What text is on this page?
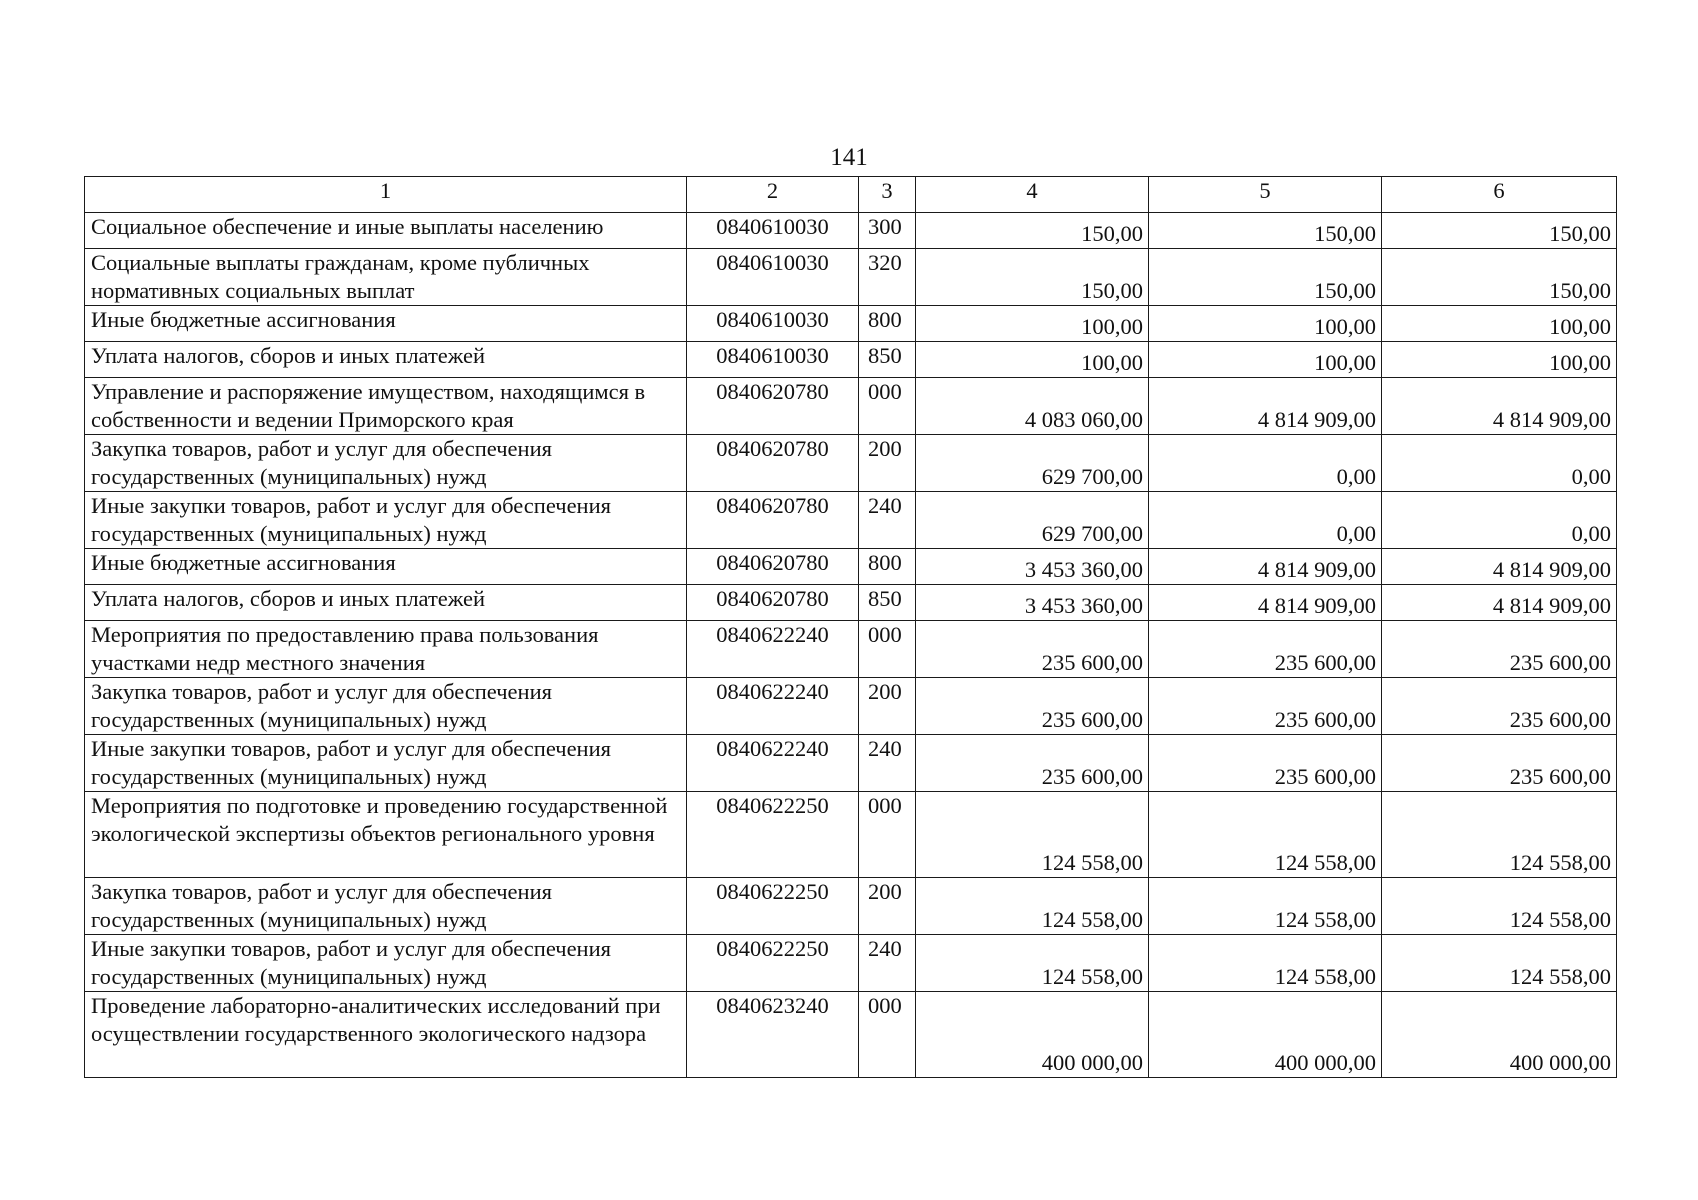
141
1	2	3	4	5	6
Социальное обеспечение и иные выплаты населению	0840610030	300	150,00	150,00	150,00
Социальные выплаты гражданам, кроме публичных нормативных социальных выплат	0840610030	320	150,00	150,00	150,00
Иные бюджетные ассигнования	0840610030	800	100,00	100,00	100,00
Уплата налогов, сборов и иных платежей	0840610030	850	100,00	100,00	100,00
Управление и распоряжение имуществом, находящимся в собственности и ведении Приморского края	0840620780	000	4 083 060,00	4 814 909,00	4 814 909,00
Закупка товаров, работ и услуг для обеспечения государственных (муниципальных) нужд	0840620780	200	629 700,00	0,00	0,00
Иные закупки товаров, работ и услуг для обеспечения государственных (муниципальных) нужд	0840620780	240	629 700,00	0,00	0,00
Иные бюджетные ассигнования	0840620780	800	3 453 360,00	4 814 909,00	4 814 909,00
Уплата налогов, сборов и иных платежей	0840620780	850	3 453 360,00	4 814 909,00	4 814 909,00
Мероприятия по предоставлению права пользования участками недр местного значения	0840622240	000	235 600,00	235 600,00	235 600,00
Закупка товаров, работ и услуг для обеспечения государственных (муниципальных) нужд	0840622240	200	235 600,00	235 600,00	235 600,00
Иные закупки товаров, работ и услуг для обеспечения государственных (муниципальных) нужд	0840622240	240	235 600,00	235 600,00	235 600,00
Мероприятия по подготовке и проведению государственной экологической экспертизы объектов регионального уровня	0840622250	000	124 558,00	124 558,00	124 558,00
Закупка товаров, работ и услуг для обеспечения государственных (муниципальных) нужд	0840622250	200	124 558,00	124 558,00	124 558,00
Иные закупки товаров, работ и услуг для обеспечения государственных (муниципальных) нужд	0840622250	240	124 558,00	124 558,00	124 558,00
Проведение лабораторно-аналитических исследований при осуществлении государственного экологического надзора	0840623240	000	400 000,00	400 000,00	400 000,00
